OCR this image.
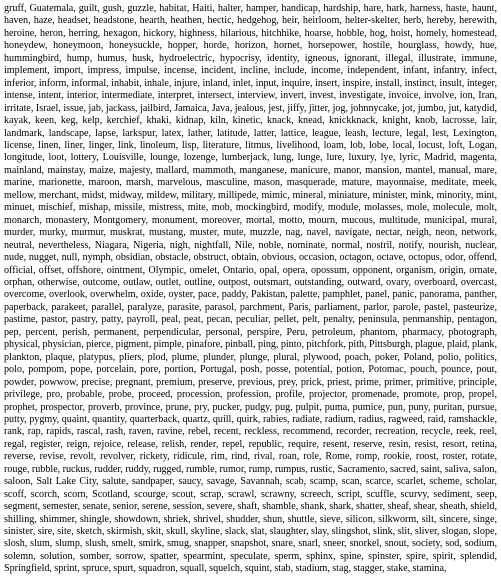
gruff, Guatemala, guilt, gush, guzzle, habitat, Haiti, halter, hamper, handicap, hardship, hare, hark, harness, haste, haunt, haven, haze, headset, headstone, hearth, heathen, hectic, hedgehog, heir, heirloom, helter-skelter, herb, hereby, herewith, heroine, heron, herring, hexagon, hickory, highness, hilarious, hitchhike, hoarse, hobble, hog, hoist, homely, homestead, honeydew, honeymoon, honeysuckle, hopper, horde, horizon, hornet, horsepower, hostile, hourglass, howdy, hue, hummingbird, hump, humus, husk, hydroelectric, hypocrisy, identity, igneous, ignorant, illegal, illustrate, immune, implement, import, impress, impulse, incense, incident, incline, include, income, independent, infant, infantry, infect, inferior, inform, informal, inhabit, inhale, injure, inland, inlet, input, inquire, insert, inspire, install, instinct, insult, integer, intense, intent, interior, intermediate, interpret, intersect, interview, invert, invest, investigate, invoice, involve, ion, Iran, irritate, Israel, issue, jab, jackass, jailbird, Jamaica, Java, jealous, jest, jiffy, jitter, jog, johnnycake, jot, jumbo, jut, katydid, kayak, keen, keg, kelp, kerchief, khaki, kidnap, kiln, kinetic, knack, knead, knickknack, knight, knob, lacrosse, lair, landmark, landscape, lapse, larkspur, latex, lather, latitude, latter, lattice, league, leash, lecture, legal, lest, Lexington, license, linen, liner, linger, link, linoleum, lisp, literature, litmus, livelihood, loam, lob, lobe, local, locust, loft, Logan, longitude, loot, lottery, Louisville, lounge, lozenge, lumberjack, lung, lunge, lure, luxury, lye, lyric, Madrid, magenta, mainland, mainstay, maize, majesty, mallard, mammoth, manganese, manicure, manor, mansion, mantel, manual, mare, marine, marionette, maroon, marsh, marvelous, masculine, mason, masquerade, mature, mayonnaise, meditate, meek, mellow, merchant, midst, midway, mildew, military, millipede, mimic, mineral, miniature, minister, mink, minority, mint, minuet, mischief, mishap, missile, mistress, mite, mob, mockingbird, modify, module, molasses, mole, molecule, molt, monarch, monastery, Montgomery, monument, moreover, mortal, motto, mourn, mucous, multitude, municipal, mural, murder, murky, murmur, muskrat, mustang, muster, mute, muzzle, nag, navel, navigate, nectar, neigh, neon, network, neutral, nevertheless, Niagara, Nigeria, nigh, nightfall, Nile, noble, nominate, normal, nostril, notify, nourish, nuclear, nude, nugget, null, nymph, obsidian, obstacle, obstruct, obtain, obvious, occasion, octagon, octave, octopus, odor, offend, official, offset, offshore, ointment, Olympic, omelet, Ontario, opal, opera, opossum, opponent, organism, origin, ornate, orphan, otherwise, outcome, outlaw, outlet, outline, outpost, outsmart, outstanding, outward, ovary, overboard, overcast, overcome, overlook, overwhelm, oxide, oyster, pace, paddy, Pakistan, palette, pamphlet, panel, panic, panorama, panther, paperback, parakeet, parallel, paralyze, parasite, parasol, parchment, Paris, parliament, parlor, parole, pastel, pasteurize, pastime, pastor, pastry, patty, payroll, peal, peat, pecan, peculiar, pellet, pelt, penalty, peninsula, penmanship, pentagon, pep, percent, perish, permanent, perpendicular, personal, perspire, Peru, petroleum, phantom, pharmacy, photograph, physical, physician, pierce, pigment, pimple, pinafore, pinball, ping, pinto, pitchfork, pith, Pittsburgh, plague, plaid, plank, plankton, plaque, platypus, pliers, plod, plume, plunder, plunge, plural, plywood, poach, poker, Poland, polio, politics, polo, pompom, pope, porcelain, pore, portion, Portugal, posh, posse, potential, potion, Potomac, pouch, pounce, pout, powder, powwow, precise, pregnant, premium, preserve, previous, prey, prick, priest, prime, primer, primitive, principle, privilege, pro, probable, probe, proceed, procession, profession, profile, projector, promenade, promote, prop, propel, prophet, prospector, proverb, province, prune, pry, pucker, pudgy, pug, pulpit, puma, pumice, pun, puny, puritan, pursue, putty, pygmy, quaint, quantity, quarterback, quartz, quill, quirk, rabies, radiate, radium, radius, ragweed, raid, ramshackle, rank, rap, rapids, rascal, rash, raven, ravine, rebel, recent, reckless, recommend, recorder, recreation, recycle, reek, reel, regal, register, reign, rejoice, release, relish, render, repel, republic, require, resent, reserve, resin, resist, resort, retina, reverse, revise, revolt, revolver, rickety, ridicule, rim, rind, rival, roan, role, Rome, romp, rookie, roost, roster, rotate, rouge, rubble, ruckus, rudder, ruddy, rugged, rumble, rumor, rump, rumpus, rustic, Sacramento, sacred, saint, saliva, salon, saloon, Salt Lake City, salute, sandpaper, saucy, savage, Savannah, scab, scamp, scan, scarce, scarlet, scheme, scholar, scoff, scorch, scorn, Scotland, scourge, scout, scrap, scrawl, scrawny, screech, script, scuffle, scurvy, sediment, seep, segment, semester, senate, senior, serene, session, severe, shaft, shamble, shank, shark, shatter, sheaf, shear, sheath, shield, shilling, shimmer, shingle, showdown, shriek, shrivel, shudder, shun, shuttle, sieve, silicon, silkworm, silt, sincere, singe, sinister, sire, site, sketch, skirmish, skit, skull, skyline, slack, slat, slaughter, slay, slingshot, slink, slit, sliver, slogan, slope, slosh, slum, slump, slush, smelt, smirk, smug, snapper, snapshot, snare, snarl, sneer, snorkel, snout, society, sod, sodium, solemn, solution, somber, sorrow, spatter, spearmint, speculate, sperm, sphinx, spine, spinster, spire, spirit, splendid, Springfield, sprint, spruce, spurt, squadron, squall, squelch, squint, stab, stadium, stag, stagger, stake, stamina,
